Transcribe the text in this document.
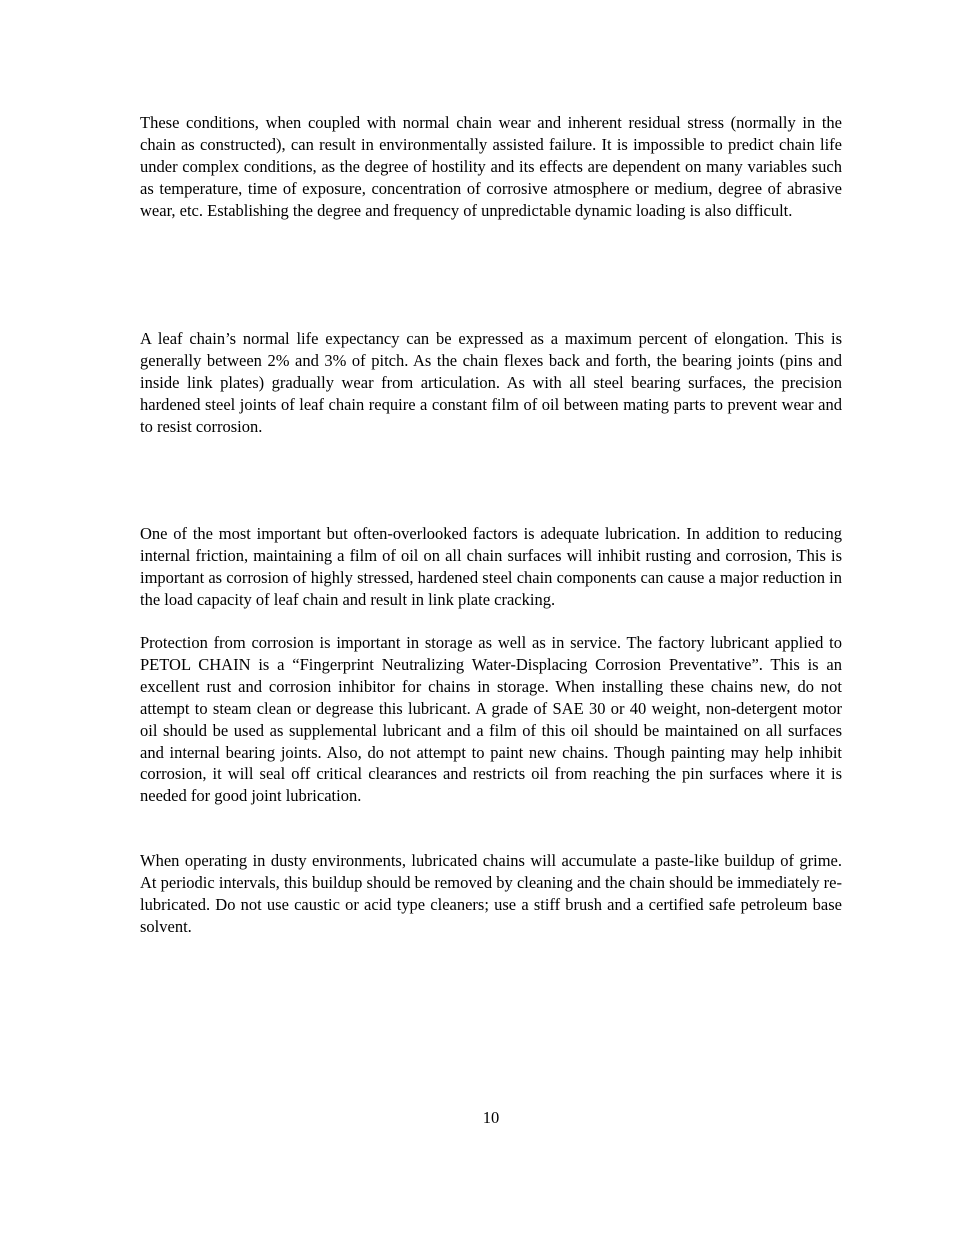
These conditions, when coupled with normal chain wear and inherent residual stress (normally in the chain as constructed), can result in environmentally assisted failure. It is impossible to predict chain life under complex conditions, as the degree of hostility and its effects are dependent on many variables such as temperature, time of exposure, concentration of corrosive atmosphere or medium, degree of abrasive wear, etc. Establishing the degree and frequency of unpredictable dynamic loading is also difficult.

A leaf chain’s normal life expectancy can be expressed as a maximum percent of elongation. This is generally between 2% and 3% of pitch. As the chain flexes back and forth, the bearing joints (pins and inside link plates) gradually wear from articulation. As with all steel bearing surfaces, the precision hardened steel joints of leaf chain require a constant film of oil between mating parts to prevent wear and to resist corrosion.

One of the most important but often-overlooked factors is adequate lubrication. In addition to reducing internal friction, maintaining a film of oil on all chain surfaces will inhibit rusting and corrosion, This is important as corrosion of highly stressed, hardened steel chain components can cause a major reduction in the load capacity of leaf chain and result in link plate cracking.

Protection from corrosion is important in storage as well as in service. The factory lubricant applied to PETOL CHAIN is a “Fingerprint Neutralizing Water-Displacing Corrosion Preventative”. This is an excellent rust and corrosion inhibitor for chains in storage. When installing these chains new, do not attempt to steam clean or degrease this lubricant. A grade of SAE 30 or 40 weight, non-detergent motor oil should be used as supplemental lubricant and a film of this oil should be maintained on all surfaces and internal bearing joints. Also, do not attempt to paint new chains. Though painting may help inhibit corrosion, it will seal off critical clearances and restricts oil from reaching the pin surfaces where it is needed for good joint lubrication.

When operating in dusty environments, lubricated chains will accumulate a paste-like buildup of grime. At periodic intervals, this buildup should be removed by cleaning and the chain should be immediately re-lubricated. Do not use caustic or acid type cleaners; use a stiff brush and a certified safe petroleum base solvent.

10
